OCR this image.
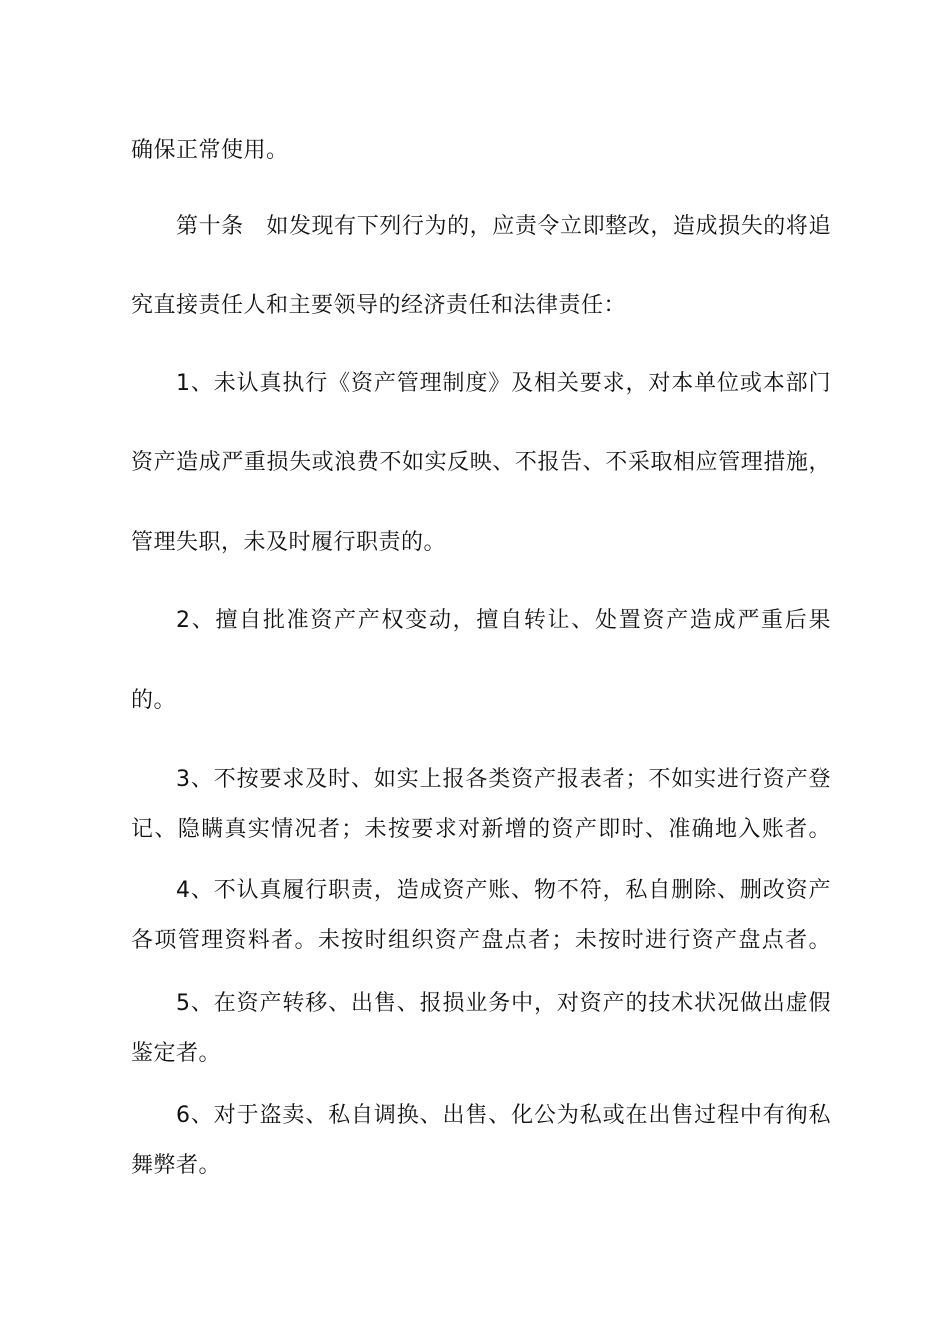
确保正常使用。
第十条　如发现有下列行为的，应责令立即整改，造成损失的将追
究直接责任人和主要领导的经济责任和法律责任：
1、未认真执行《资产管理制度》及相关要求，对本单位或本部门
资产造成严重损失或浪费不如实反映、不报告、不采取相应管理措施，
管理失职，未及时履行职责的。
2、擅自批准资产产权变动，擅自转让、处置资产造成严重后果
的。
3、不按要求及时、如实上报各类资产报表者；不如实进行资产登
记、隐瞒真实情况者；未按要求对新增的资产即时、准确地入账者。
4、不认真履行职责，造成资产账、物不符，私自删除、删改资产
各项管理资料者。未按时组织资产盘点者；未按时进行资产盘点者。
5、在资产转移、出售、报损业务中，对资产的技术状况做出虚假
鉴定者。
6、对于盗卖、私自调换、出售、化公为私或在出售过程中有徇私
舞弊者。
